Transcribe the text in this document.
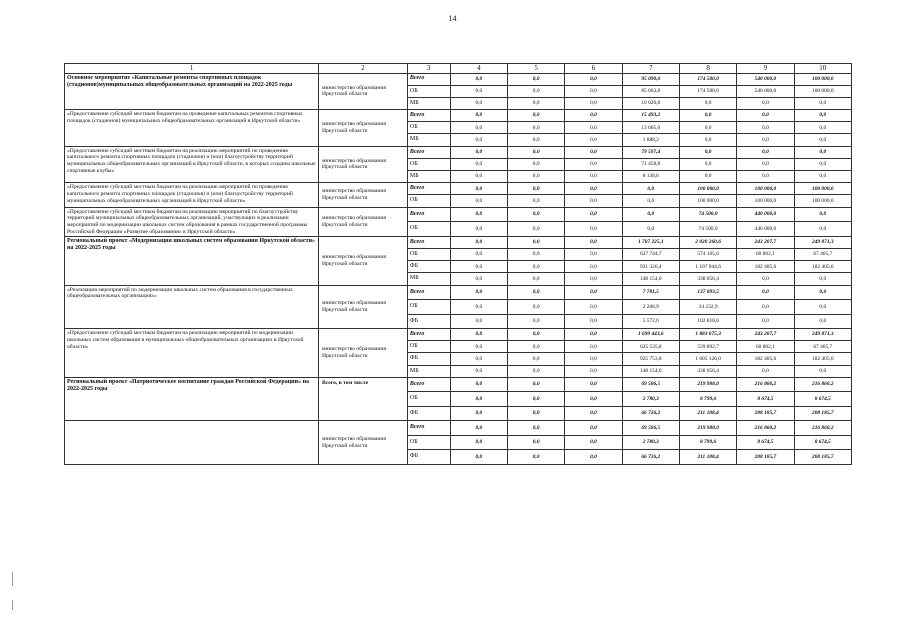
14
1	2	3	4	5	6	7	8	9	10
Основное мероприятие «Капитальные ремонты спортивных площадок (стадионов)муниципальных общеобразовательных организаций на 2022-2025 годы	министерство образования Иркутской области	Всего	0,0	0,0	0,0	95 090,6	174 500,0	540 000,0	100 000,0
		ОБ	0,0	0,0	0,0	85 063,8	174 500,0	540 000,0	100 000,0
		МБ	0,0	0,0	0,0	10 026,8	0,0	0,0	0,0
«Предоставление субсидий местным бюджетам на проведение капитальных ремонтов спортивных площадок (стадионов) муниципальных общеобразовательных организаций в Иркутской области»	министерство образования Иркутской области	Всего	0,0	0,0	0,0	15 493,2	0,0	0,0	0,0
		ОБ	0,0	0,0	0,0	13 605,0	0,0	0,0	0,0
		МБ	0,0	0,0	0,0	1 888,2	0,0	0,0	0,0
«Предоставление субсидий местным бюджетам на реализацию мероприятий по проведению капитального ремонта спортивных площадок (стадионов) и (или) благоустройству территорий муниципальных общеобразовательных организаций в Иркутской области, в которых созданы школьные спортивные клубы»	министерство образования Иркутской области	Всего	0,0	0,0	0,0	79 597,4	0,0	0,0	0,0
		ОБ	0,0	0,0	0,0	71 458,8	0,0	0,0	0,0
		МБ	0,0	0,0	0,0	8 138,6	0,0	0,0	0,0
«Предоставление субсидий местным бюджетам на реализацию мероприятий по проведению капитального ремонта спортивных площадок (стадионов) и (или) благоустройству территорий муниципальных общеобразовательных организаций в Иркутской области»	министерство образования Иркутской области	Всего	0,0	0,0	0,0	0,0	100 000,0	100 000,0	100 000,0
		ОБ	0,0	0,0	0,0	0,0	100 000,0	100 000,0	100 000,0
«Предоставление субсидий местным бюджетам на реализацию мероприятий по благоустройству территорий муниципальных общеобразовательных организаций, участвующих в реализации мероприятий по модернизации школьных систем образования в рамках государственной программы Российской Федерации «Развитие образования» в Иркутской области»	министерство образования Иркутской области	Всего	0,0	0,0	0,0	0,0	74 500,0	440 000,0	0,0
		ОБ	0,0	0,0	0,0	0,0	74 500,0	440 000,0	0,0
Региональный проект «Модернизация школьных систем образования Иркутской области» на 2022-2025 годы	министерство образования Иркутской области	Всего	0,0	0,0	0,0	1 707 225,1	2 020 260,6	243 207,7	249 871,3
		ОБ	0,0	0,0	0,0	627 744,7	574 165,6	60 802,1	67 465,7
		ФБ	0,0	0,0	0,0	931 326,4	1 107 944,6	182 405,6	182 405,6
		МБ	0,0	0,0	0,0	148 154,0	338 056,4	0,0	0,0
«Реализация мероприятий по модернизации школьных систем образования в государственных общеобразовательных организациях»	министерство образования Иркутской области	Всего	0,0	0,0	0,0	7 781,5	137 093,5	0,0	0,0
		ОБ	0,0	0,0	0,0	2 208,9	34 232,9	0,0	0,0
		ФБ	0,0	0,0	0,0	5 572,6	102 818,6	0,0	0,0
«Предоставление субсидий местным бюджетам на реализацию мероприятий по модернизации школьных систем образования в муниципальных общеобразовательных организациях в Иркутской области»	министерство образования Иркутской области	Всего	0,0	0,0	0,0	1 699 443,6	1 883 075,3	243 207,7	249 871,3
		ОБ	0,0	0,0	0,0	625 535,8	539 892,7	60 802,1	67 465,7
		ФБ	0,0	0,0	0,0	925 753,8	1 005 126,0	182 405,6	182 405,6
		МБ	0,0	0,0	0,0	148 154,0	338 056,4	0,0	0,0
Региональный проект «Патриотическое воспитание граждан Российской Федерации» на 2022-2025 годы	Всего, в том числе	Всего	0,0	0,0	0,0	69 506,5	219 988,0	216 860,2	216 860,2
		ОБ	0,0	0,0	0,0	2 780,3	8 799,6	8 674,5	8 674,5
		ФБ	0,0	0,0	0,0	66 726,2	211 188,4	208 185,7	208 185,7
	министерство образования Иркутской области	Всего	0,0	0,0	0,0	69 506,5	219 988,0	216 860,2	216 860,2
		ОБ	0,0	0,0	0,0	2 780,3	8 799,6	8 674,5	8 674,5
		ФБ	0,0	0,0	0,0	66 726,2	211 188,4	208 185,7	208 185,7
